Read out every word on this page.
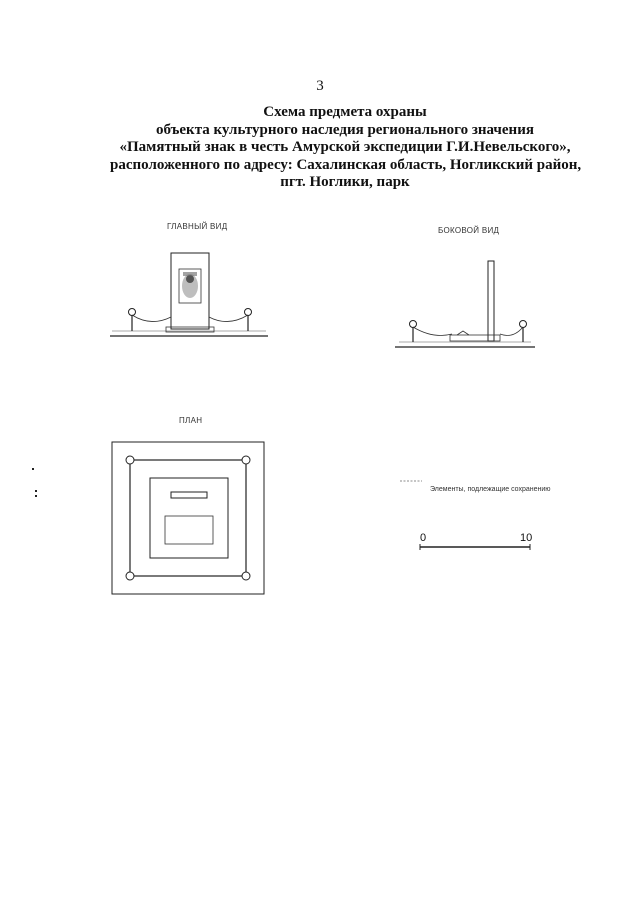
3
Схема предмета охраны
объекта культурного наследия регионального значения
«Памятный знак в честь Амурской экспедиции Г.И.Невельского»,
расположенного по адресу: Сахалинская область, Ногликский район,
пгт. Ноглики, парк
ГЛАВНЫЙ ВИД	БОКОВОЙ ВИД
ПЛАН
Элементы, подлежащие сохранению
0	10
